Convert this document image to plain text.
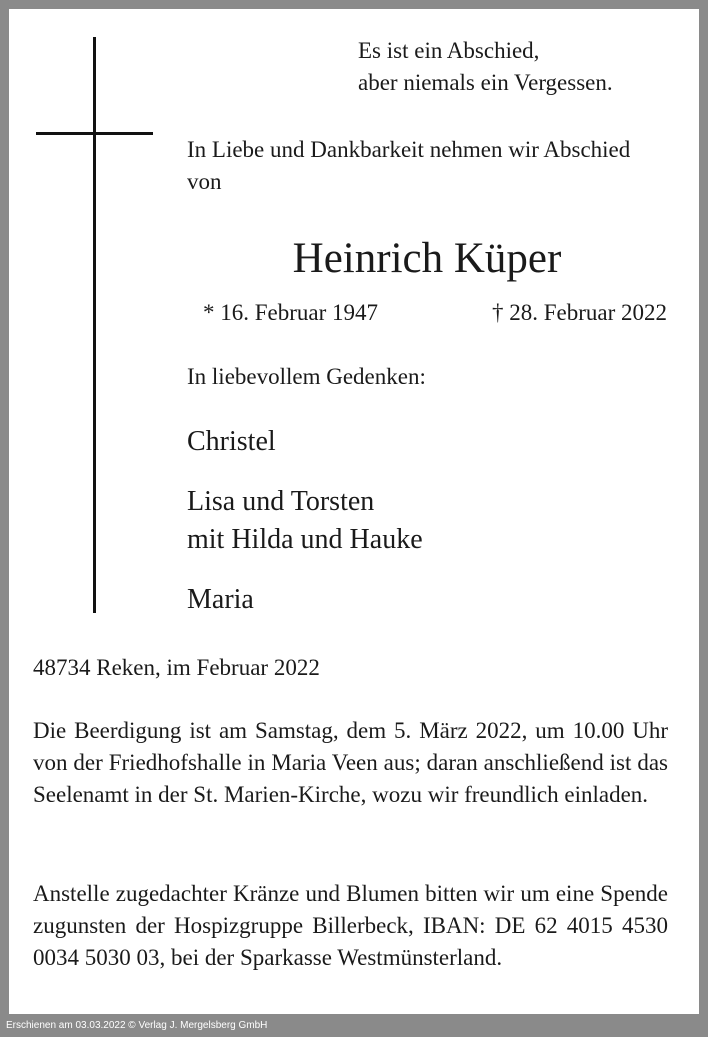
Es ist ein Abschied,
aber niemals ein Vergessen.

In Liebe und Dankbarkeit nehmen wir Abschied von

Heinrich Küper
* 16. Februar 1947	† 28. Februar 2022
In liebevollem Gedenken:
Christel
Lisa und Torsten
mit Hilda und Hauke
Maria
48734 Reken, im Februar 2022

Die Beerdigung ist am Samstag, dem 5. März 2022, um 10.00 Uhr von der Friedhofshalle in Maria Veen aus; daran anschließend ist das Seelenamt in der St. Marien-Kirche, wozu wir freundlich einladen.

Anstelle zugedachter Kränze und Blumen bitten wir um eine Spende zugunsten der Hospizgruppe Billerbeck, IBAN: DE 62 4015 4530 0034 5030 03, bei der Sparkasse Westmünsterland.

Erschienen am 03.03.2022 © Verlag J. Mergelsberg GmbH
